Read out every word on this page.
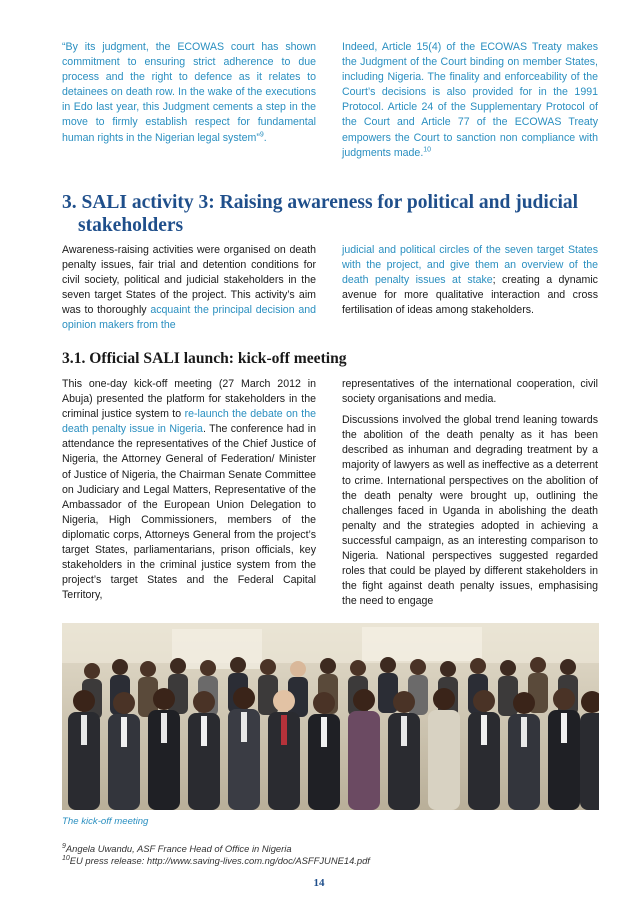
“By its judgment, the ECOWAS court has shown commitment to ensuring strict adherence to due process and the right to defence as it relates to detainees on death row. In the wake of the executions in Edo last year, this Judgment cements a step in the move to firmly establish respect for fundamental human rights in the Nigerian legal system”$^9$.

Indeed, Article 15(4) of the ECOWAS Treaty makes the Judgment of the Court binding on member States, including Nigeria. The finality and enforceability of the Court’s decisions is also provided for in the 1991 Protocol. Article 24 of the Supplementary Protocol of the Court and Article 77 of the ECOWAS Treaty empowers the Court to sanction non compliance with judgments made.$^{10}$

3. SALI activity 3: Raising awareness for political and judicial
stakeholders

Awareness-raising activities were organised on death penalty issues, fair trial and detention conditions for civil society, political and judicial stakeholders in the seven target States of the project. This activity’s aim was to thoroughly acquaint the principal decision and opinion makers from the

judicial and political circles of the seven target States with the project, and give them an overview of the death penalty issues at stake; creating a dynamic avenue for more qualitative interaction and cross fertilisation of ideas among stakeholders.

3.1. Official SALI launch: kick-off meeting

This one-day kick-off meeting (27 March 2012 in Abuja) presented the platform for stakeholders in the criminal justice system to re-launch the debate on the death penalty issue in Nigeria. The conference had in attendance the representatives of the Chief Justice of Nigeria, the Attorney General of Federation/ Minister of Justice of Nigeria, the Chairman Senate Committee on Judiciary and Legal Matters, Representative of the Ambassador of the European Union Delegation to Nigeria, High Commissioners, members of the diplomatic corps, Attorneys General from the project’s target States, parliamentarians, prison officials, key stakeholders in the criminal justice system from the project’s target States and the Federal Capital Territory,

representatives of the international cooperation, civil society organisations and media.

Discussions involved the global trend leaning towards the abolition of the death penalty as it has been described as inhuman and degrading treatment by a majority of lawyers as well as ineffective as a deterrent to crime. International perspectives on the abolition of the death penalty were brought up, outlining the challenges faced in Uganda in abolishing the death penalty and the strategies adopted in achieving a successful campaign, as an interesting comparison to Nigeria. National perspectives suggested regarded roles that could be played by different stakeholders in the fight against death penalty issues, emphasising the need to engage

The kick-off meeting
$^9$Angela Uwandu, ASF France Head of Office in Nigeria
$^{10}$EU press release: http://www.saving-lives.com.ng/doc/ASFFJUNE14.pdf
14
